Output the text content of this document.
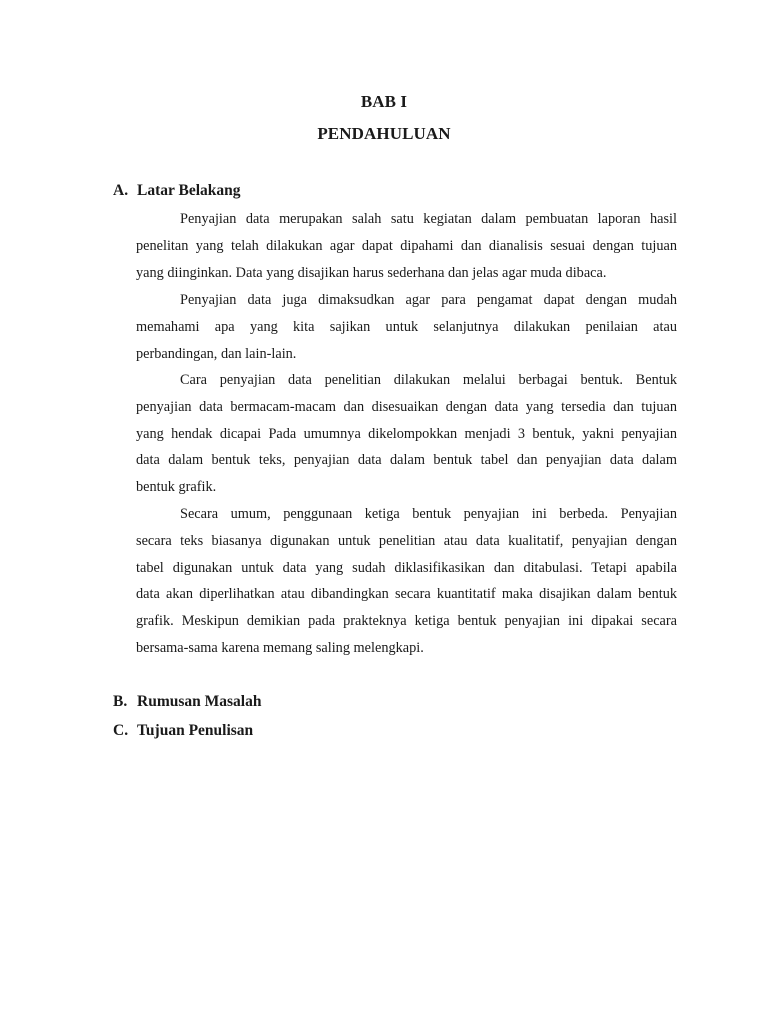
BAB I
PENDAHULUAN
A. Latar Belakang
Penyajian data merupakan salah satu kegiatan dalam pembuatan laporan hasil
penelitan yang telah dilakukan agar dapat dipahami dan dianalisis sesuai dengan tujuan
yang diinginkan. Data yang disajikan harus sederhana dan jelas agar muda dibaca.
Penyajian data juga dimaksudkan agar para pengamat dapat dengan mudah
memahami apa yang kita sajikan untuk selanjutnya dilakukan penilaian atau
perbandingan, dan lain-lain.
Cara penyajian data penelitian dilakukan melalui berbagai bentuk. Bentuk
penyajian data bermacam-macam dan disesuaikan dengan data yang tersedia dan tujuan
yang hendak dicapai Pada umumnya dikelompokkan menjadi 3 bentuk, yakni penyajian
data dalam bentuk teks, penyajian data dalam bentuk tabel dan penyajian data dalam
bentuk grafik.
Secara umum, penggunaan ketiga bentuk penyajian ini berbeda. Penyajian
secara teks biasanya digunakan untuk penelitian atau data kualitatif, penyajian dengan
tabel digunakan untuk data yang sudah diklasifikasikan dan ditabulasi. Tetapi apabila
data akan diperlihatkan atau dibandingkan secara kuantitatif maka disajikan dalam bentuk
grafik. Meskipun demikian pada prakteknya ketiga bentuk penyajian ini dipakai secara
bersama-sama karena memang saling melengkapi.
B. Rumusan Masalah
C. Tujuan Penulisan
